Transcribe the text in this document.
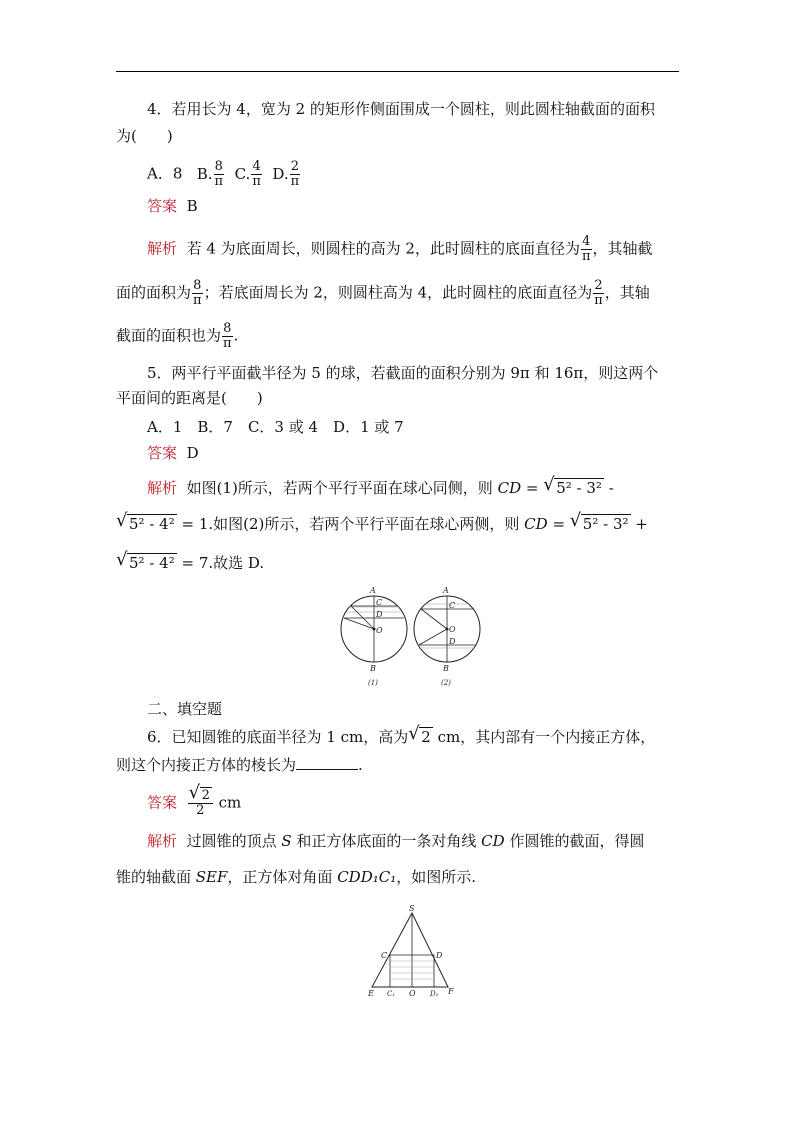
4．若用长为 4，宽为 2 的矩形作侧面围成一个圆柱，则此圆柱轴截面的面积
为(　　)
A．8 B. $\frac{8}{\pi} C$. $\frac{4}{\pi} D$. $\frac{2}{\pi}$
答案 B
解析 若 4 为底面周长，则圆柱的高为 2，此时圆柱的底面直径为 $\frac{4}{\pi}$ ，其轴截
面的面积为 $\frac{8}{\pi}$ ；若底面周长为 2，则圆柱高为 4，此时圆柱的底面直径为 $\frac{2}{\pi}$ ，其轴
截面的面积也为 $\frac{8}{\pi}$ .
5．两平行平面截半径为 5 的球，若截面的面积分别为 9π 和 16π，则这两个
平面间的距离是(　　)
A．1　B．7　C．3 或 4　D．1 或 7
答案 D
解析 如图(1)所示，若两个平行平面在球心同侧，则 CD = √ 5² - 3² -
√ 5² - 4² = 1.如图(2)所示，若两个平行平面在球心两侧，则 CD = √ 5² - 3² +
√ 5² - 4² = 7.故选 D.
A
C
D
O
B
(1)
A
C
O
D
B
(2)
二、填空题
6．已知圆锥的底面半径为 1 cm，高为 √ 2 cm，其内部有一个内接正方体，
则这个内接正方体的棱长为	.
答案 √ $\frac{2}{2}$ cm
解析 过圆锥的顶点 S 和正方体底面的一条对角线 CD 作圆锥的截面，得圆
锥的轴截面 SEF，正方体对角面 CDD₁C₁，如图所示.
S
C	D
E C₁ O D₁ F
